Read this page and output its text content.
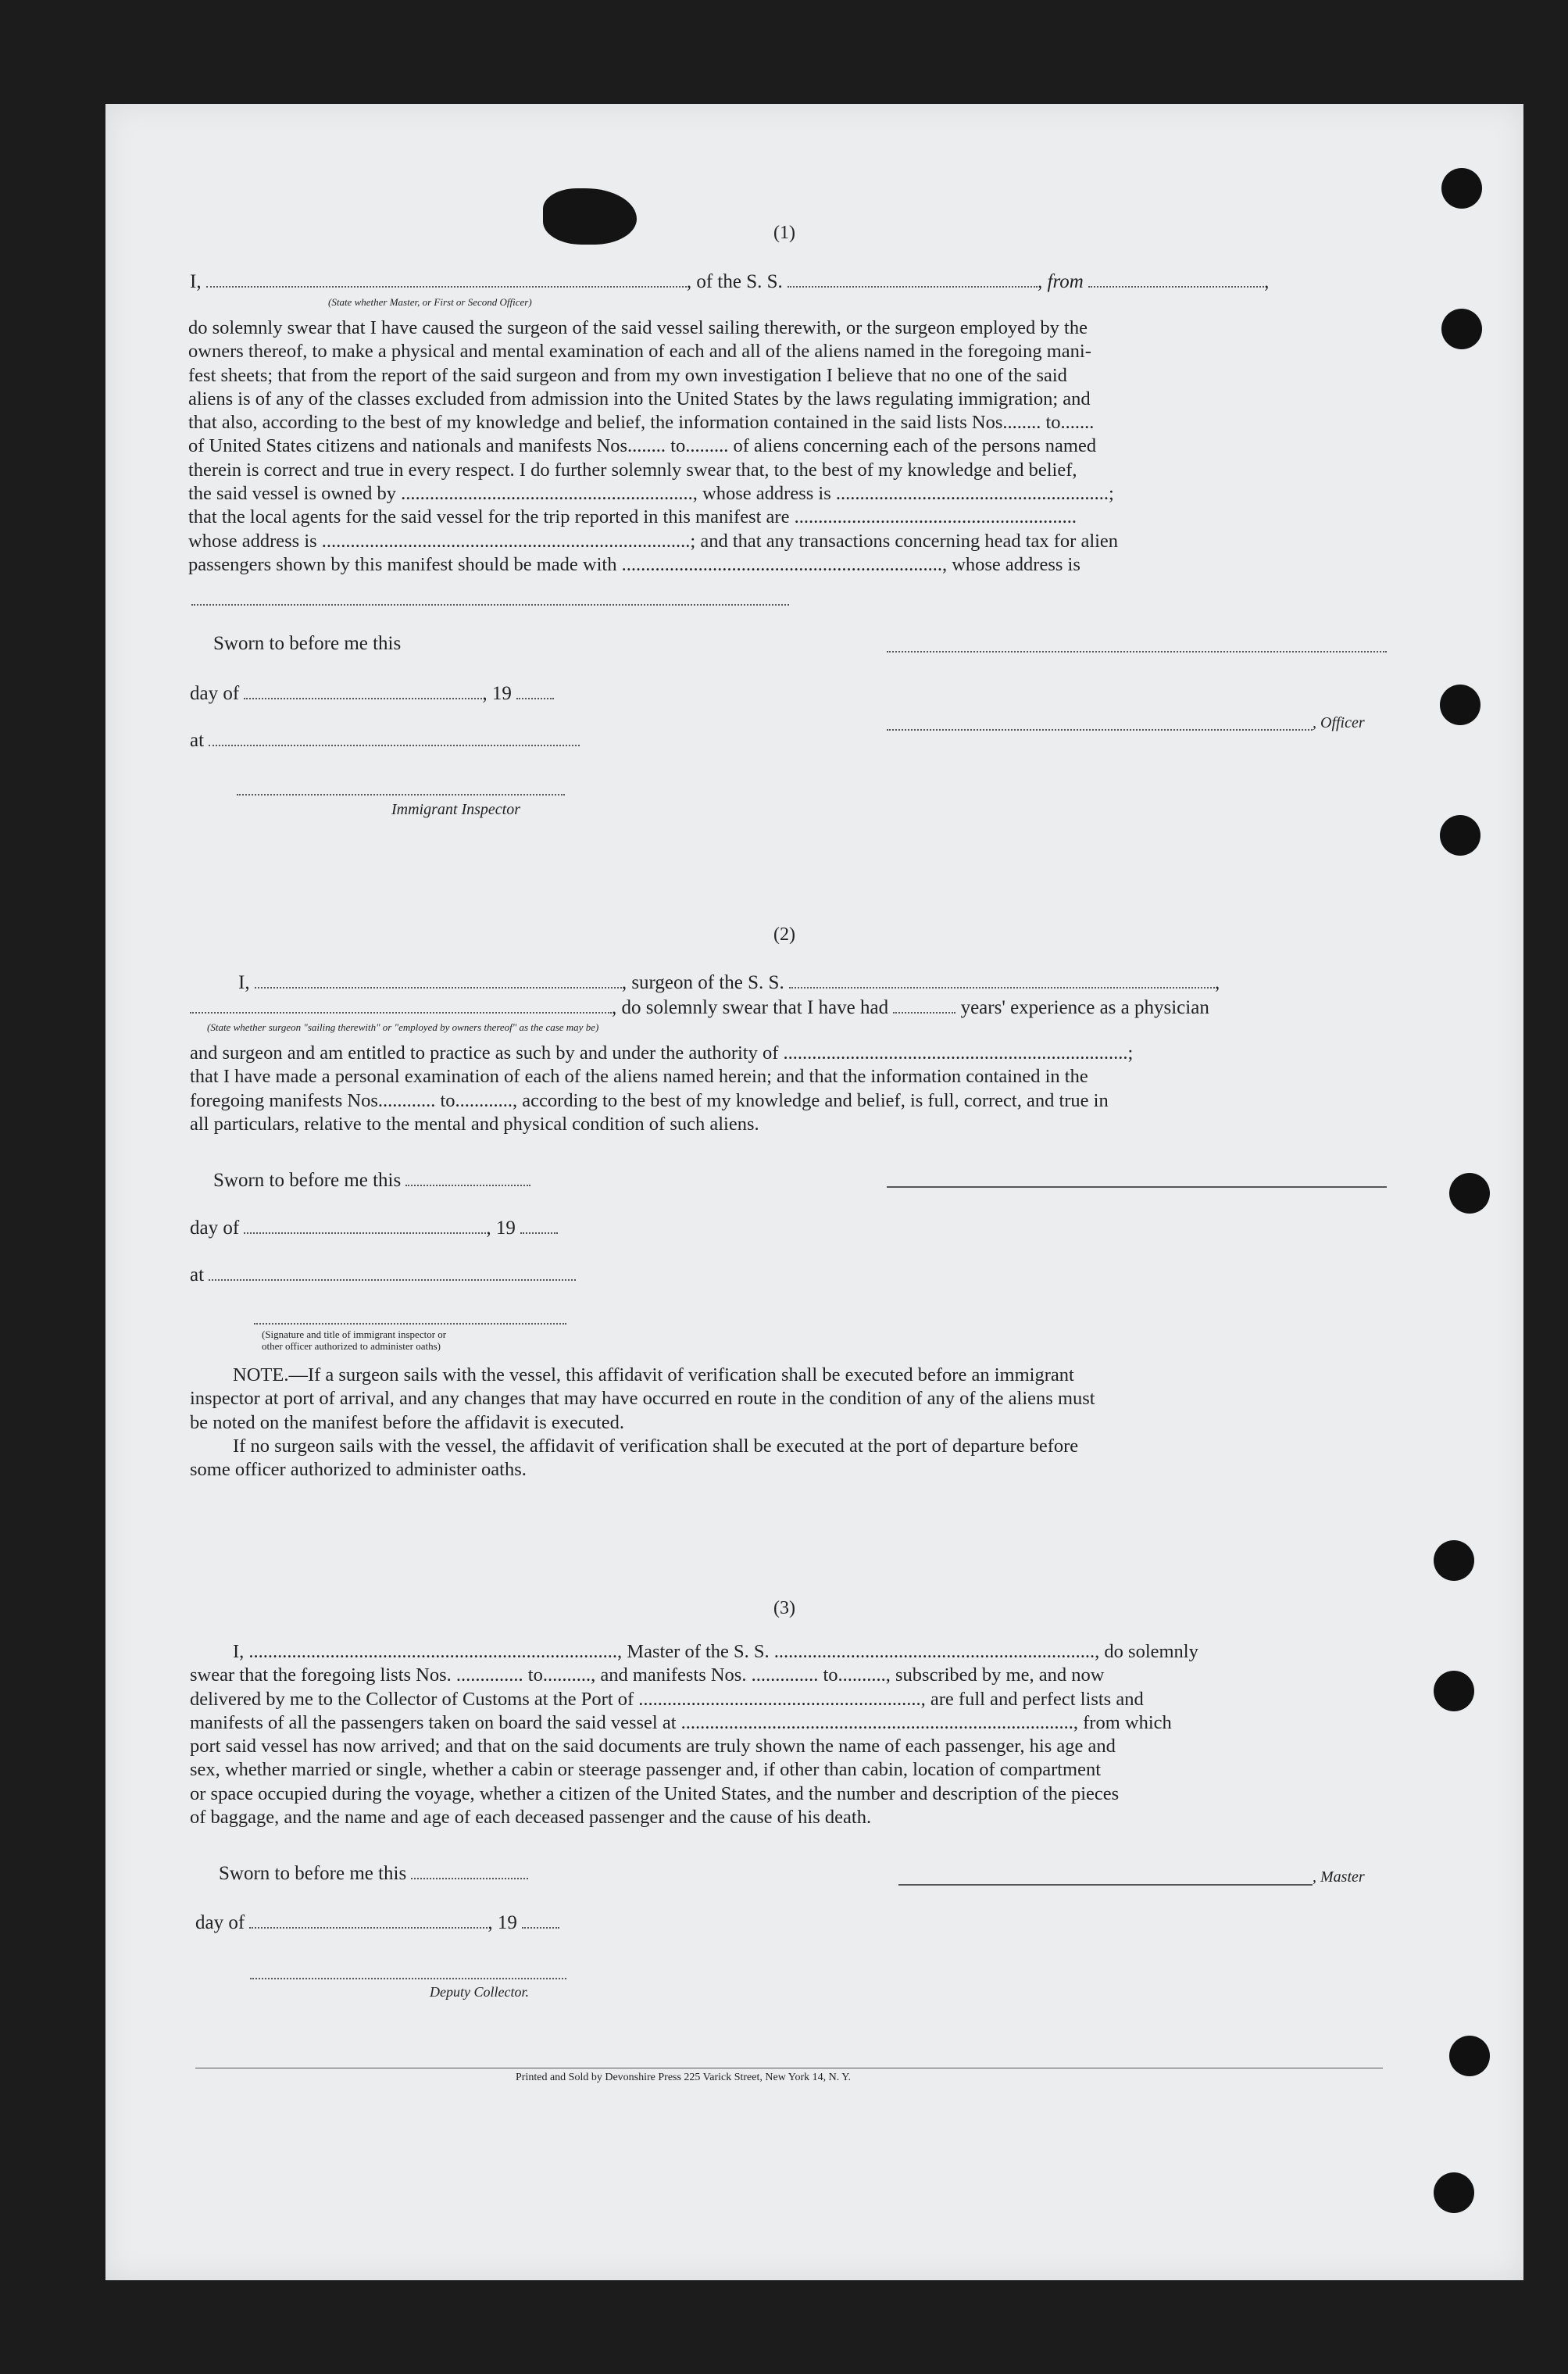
(1)
I,	, of the S. S.	, from	,
(State whether Master, or First or Second Officer)
do solemnly swear that I have caused the surgeon of the said vessel sailing therewith, or the surgeon employed by the
owners thereof, to make a physical and mental examination of each and all of the aliens named in the foregoing mani-
fest sheets; that from the report of the said surgeon and from my own investigation I believe that no one of the said
aliens is of any of the classes excluded from admission into the United States by the laws regulating immigration; and
that also, according to the best of my knowledge and belief, the information contained in the said lists Nos........ to.......
of United States citizens and nationals and manifests Nos........ to......... of aliens concerning each of the persons named
therein is correct and true in every respect. I do further solemnly swear that, to the best of my knowledge and belief,
the said vessel is owned by ............................................................., whose address is .........................................................;
that the local agents for the said vessel for the trip reported in this manifest are ...........................................................
whose address is .............................................................................; and that any transactions concerning head tax for alien
passengers shown by this manifest should be made with ..................................................................., whose address is
Sworn to before me this
day of	, 19
at
Immigrant Inspector
, Officer
(2)
I,	, surgeon of the S. S.	,
, do solemnly swear that I have had	years' experience as a physician
(State whether surgeon "sailing therewith" or "employed by owners thereof" as the case may be)
and surgeon and am entitled to practice as such by and under the authority of ........................................................................;
that I have made a personal examination of each of the aliens named herein; and that the information contained in the
foregoing manifests Nos............ to............, according to the best of my knowledge and belief, is full, correct, and true in
all particulars, relative to the mental and physical condition of such aliens.
Sworn to before me this
day of	, 19
at
(Signature and title of immigrant inspector or
other officer authorized to administer oaths)
NOTE.—If a surgeon sails with the vessel, this affidavit of verification shall be executed before an immigrant
inspector at port of arrival, and any changes that may have occurred en route in the condition of any of the aliens must
be noted on the manifest before the affidavit is executed.
If no surgeon sails with the vessel, the affidavit of verification shall be executed at the port of departure before
some officer authorized to administer oaths.
(3)
I, ............................................................................., Master of the S. S. ..................................................................., do solemnly
swear that the foregoing lists Nos. .............. to.........., and manifests Nos. .............. to.........., subscribed by me, and now
delivered by me to the Collector of Customs at the Port of ..........................................................., are full and perfect lists and
manifests of all the passengers taken on board the said vessel at .................................................................................., from which
port said vessel has now arrived; and that on the said documents are truly shown the name of each passenger, his age and
sex, whether married or single, whether a cabin or steerage passenger and, if other than cabin, location of compartment
or space occupied during the voyage, whether a citizen of the United States, and the number and description of the pieces
of baggage, and the name and age of each deceased passenger and the cause of his death.
Sworn to before me this
day of	, 19
Deputy Collector.
, Master
Printed and Sold by Devonshire Press 225 Varick Street, New York 14, N. Y.
